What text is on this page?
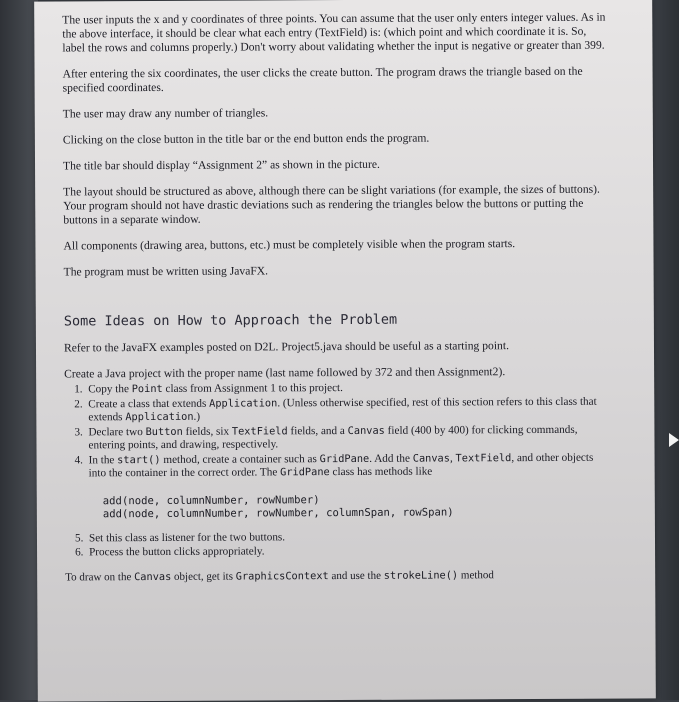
The user inputs the x and y coordinates of three points. You can assume that the user only enters integer values. As in the above interface, it should be clear what each entry (TextField) is: (which point and which coordinate it is. So, label the rows and columns properly.) Don't worry about validating whether the input is negative or greater than 399.

After entering the six coordinates, the user clicks the create button. The program draws the triangle based on the specified coordinates.

The user may draw any number of triangles.

Clicking on the close button in the title bar or the end button ends the program.

The title bar should display “Assignment 2” as shown in the picture.

The layout should be structured as above, although there can be slight variations (for example, the sizes of buttons). Your program should not have drastic deviations such as rendering the triangles below the buttons or putting the buttons in a separate window.

All components (drawing area, buttons, etc.) must be completely visible when the program starts.

The program must be written using JavaFX.

Some Ideas on How to Approach the Problem

Refer to the JavaFX examples posted on D2L. Project5.java should be useful as a starting point.

Create a Java project with the proper name (last name followed by 372 and then Assignment2).

1. Copy the Point class from Assignment 1 to this project.
2. Create a class that extends Application. (Unless otherwise specified, rest of this section refers to this class that extends Application.)
3. Declare two Button fields, six TextField fields, and a Canvas field (400 by 400) for clicking commands, entering points, and drawing, respectively.
4. In the start() method, create a container such as GridPane. Add the Canvas, TextField, and other objects into the container in the correct order. The GridPane class has methods like
add(node, columnNumber, rowNumber)
add(node, columnNumber, rowNumber, columnSpan, rowSpan)
5. Set this class as listener for the two buttons.
6. Process the button clicks appropriately.

To draw on the Canvas object, get its GraphicsContext and use the strokeLine() method
